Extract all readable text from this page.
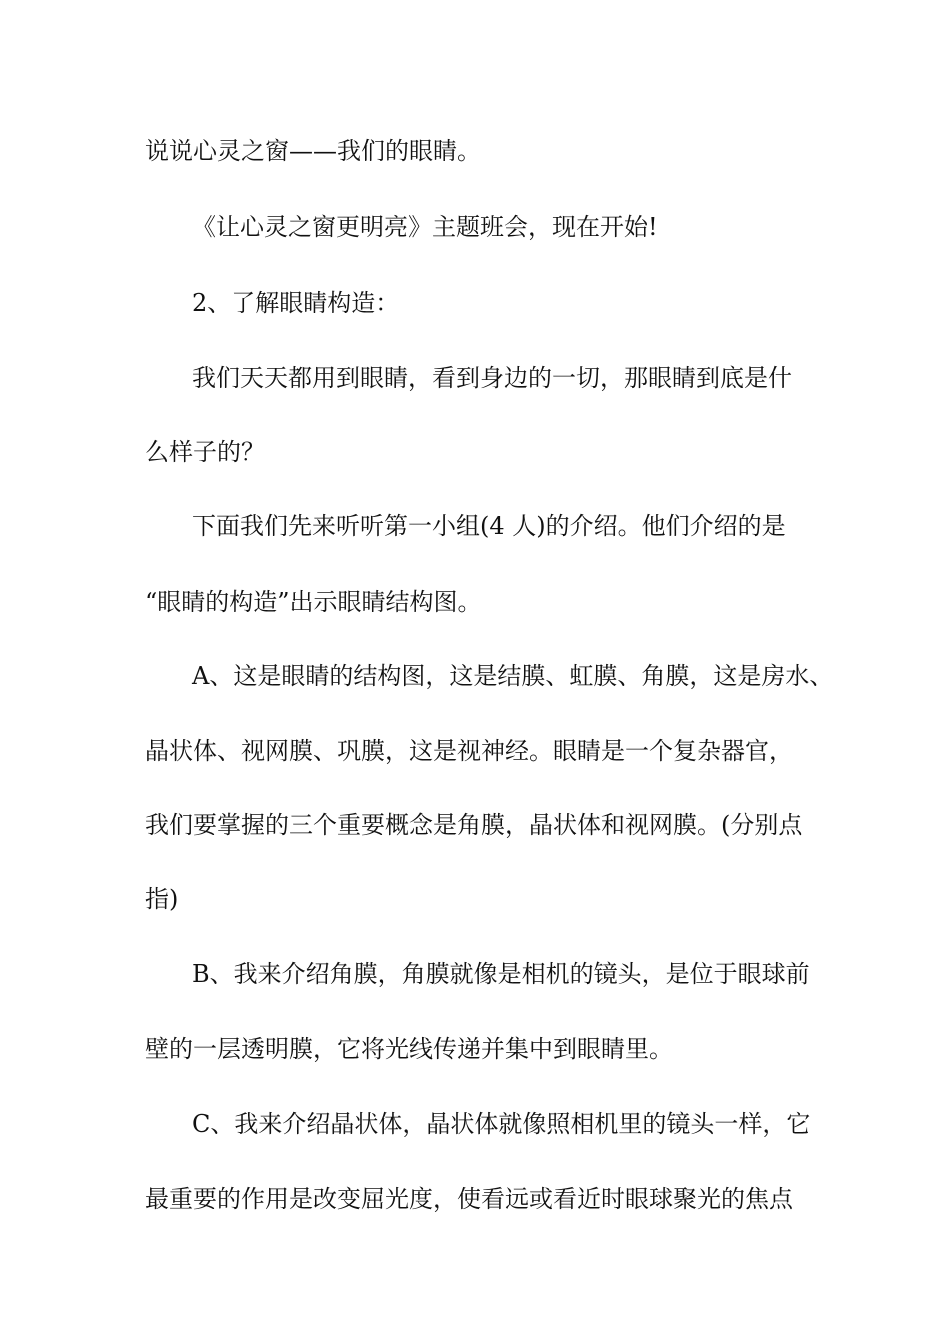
说说心灵之窗——我们的眼睛。
《让心灵之窗更明亮》主题班会，现在开始!
2、了解眼睛构造：
我们天天都用到眼睛，看到身边的一切，那眼睛到底是什
么样子的？
下面我们先来听听第一小组(4 人)的介绍。他们介绍的是
“眼睛的构造”出示眼睛结构图。
A、这是眼睛的结构图，这是结膜、虹膜、角膜，这是房水、
晶状体、视网膜、巩膜，这是视神经。眼睛是一个复杂器官，
我们要掌握的三个重要概念是角膜，晶状体和视网膜。(分别点
指)
B、我来介绍角膜，角膜就像是相机的镜头，是位于眼球前
壁的一层透明膜，它将光线传递并集中到眼睛里。
C、我来介绍晶状体，晶状体就像照相机里的镜头一样，它
最重要的作用是改变屈光度，使看远或看近时眼球聚光的焦点
